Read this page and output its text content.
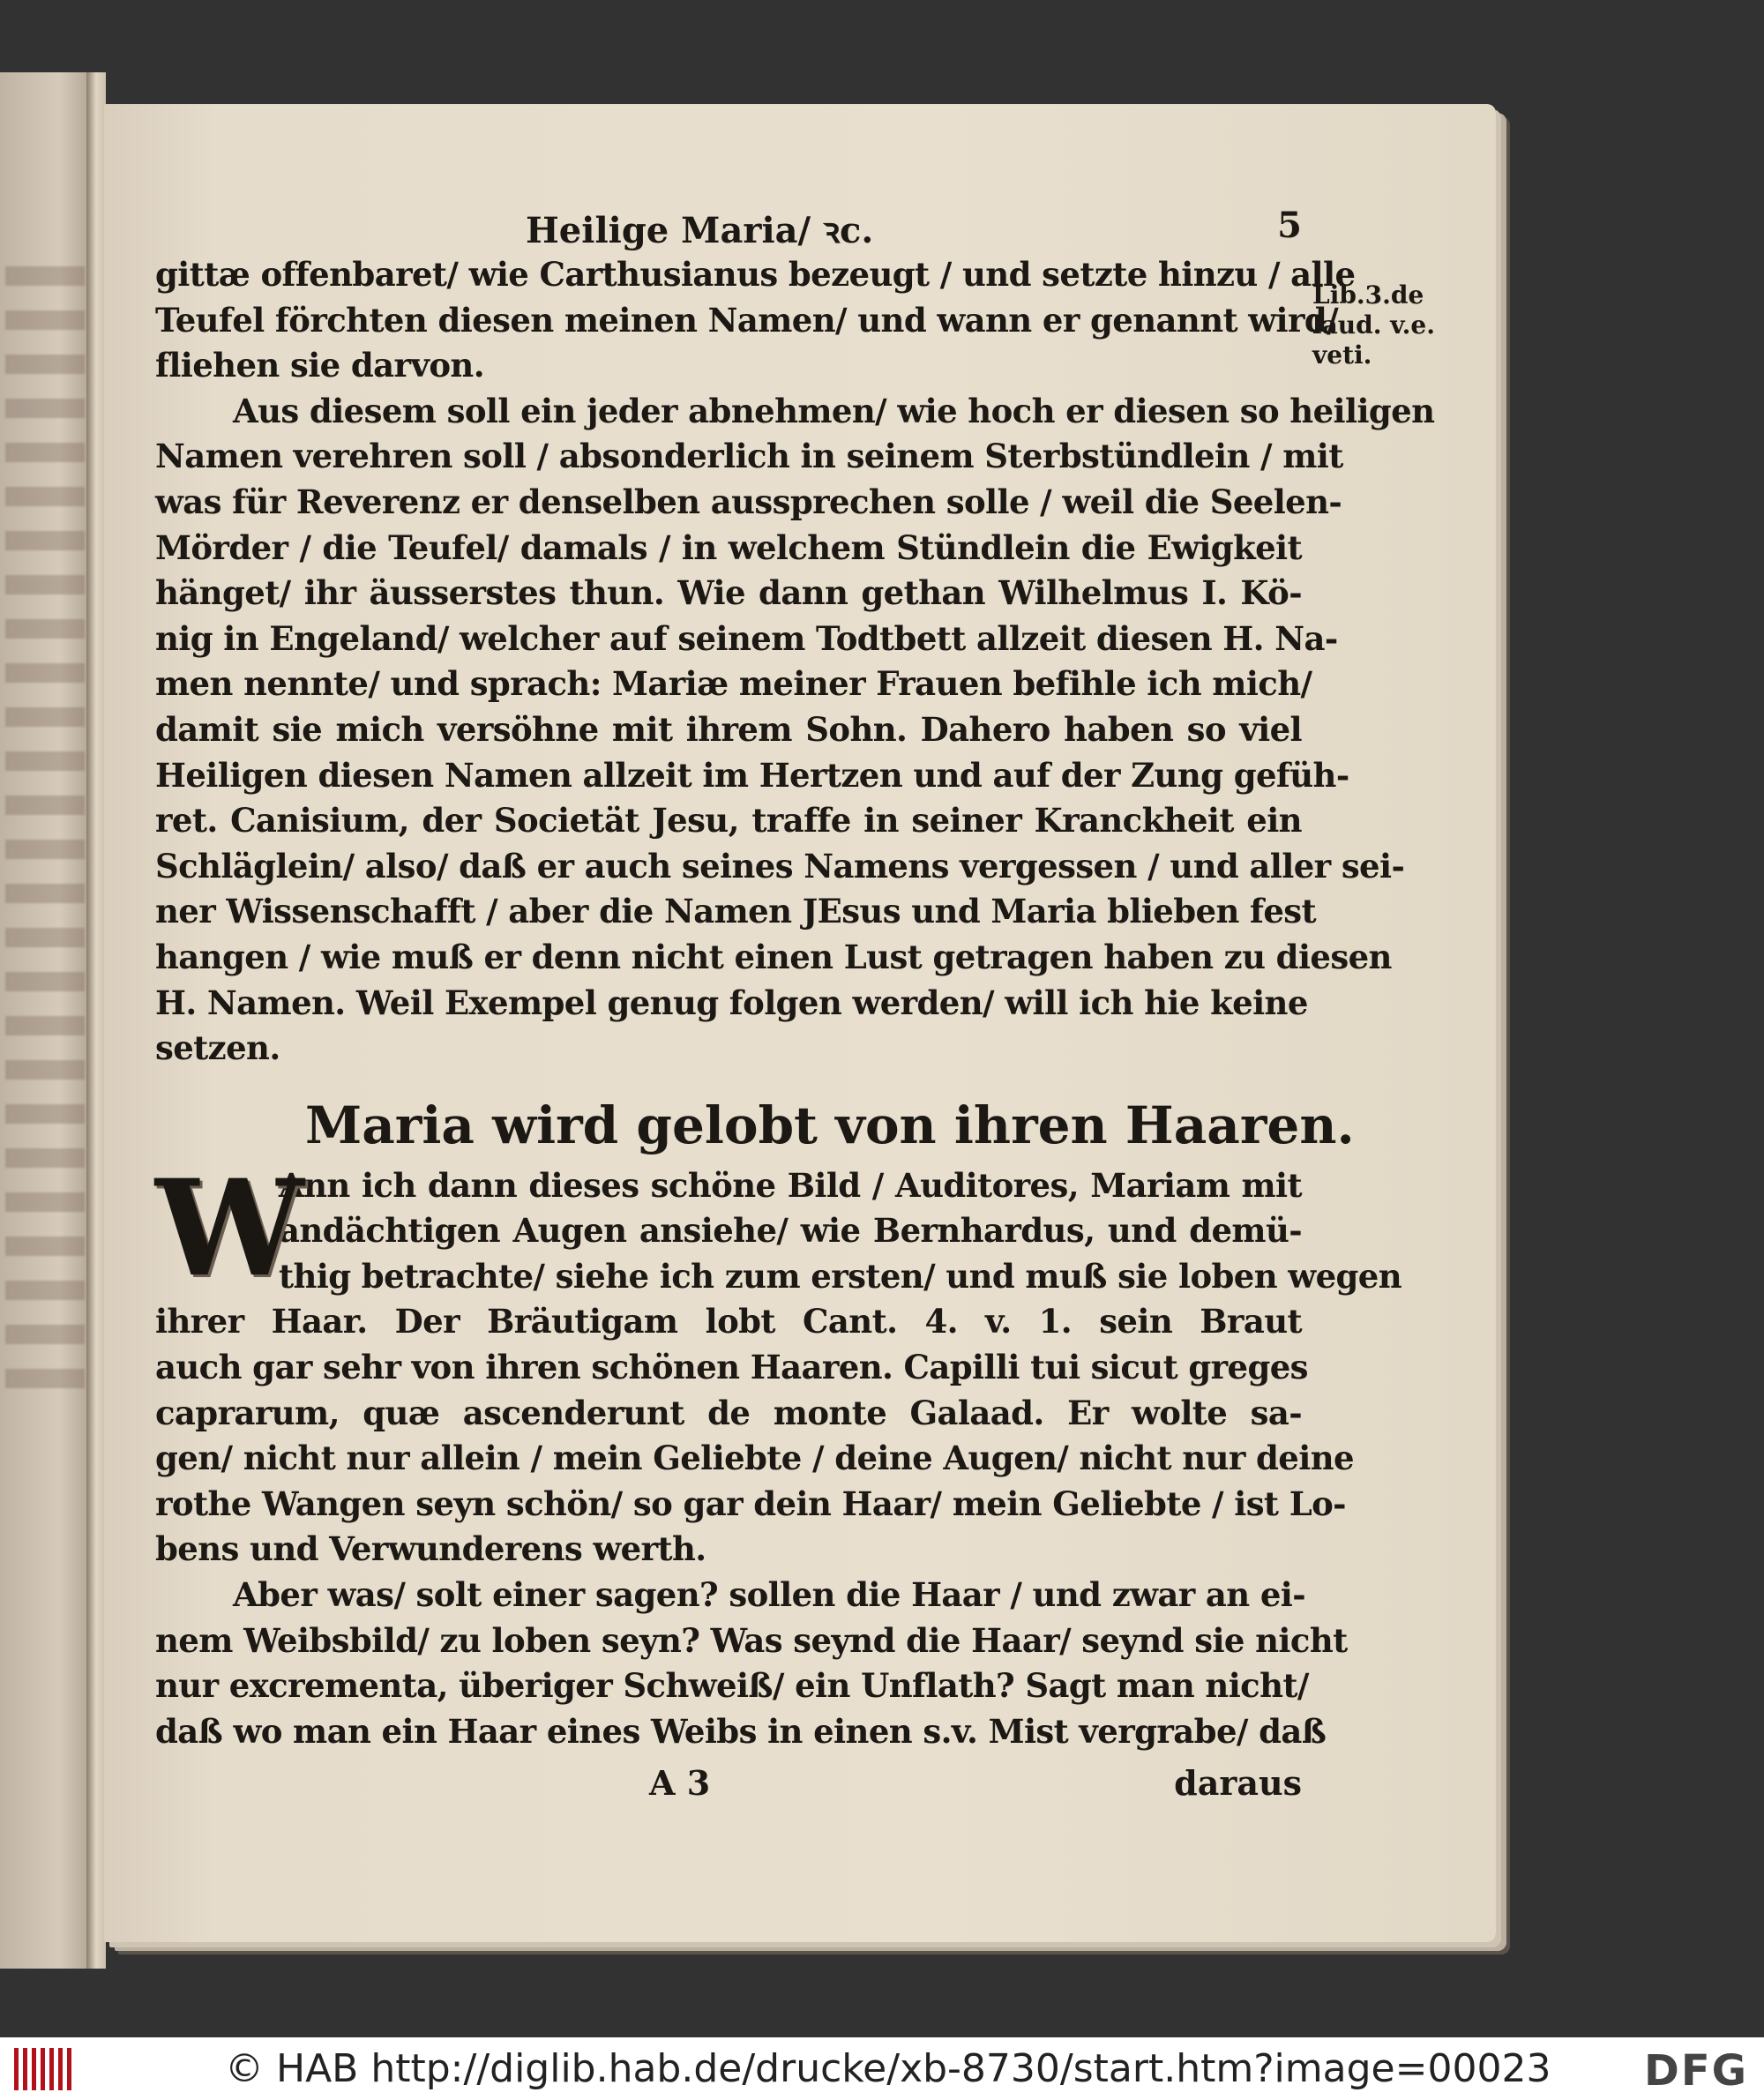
Heilige Maria/ ꝛc.	5
gittæ offenbaret/ wie Carthusianus bezeugt / und setzte hinzu / alle
Teufel förchten diesen meinen Namen/ und wann er genannt wird/
fliehen sie darvon.
Aus diesem soll ein jeder abnehmen/ wie hoch er diesen so heiligen
Namen verehren soll / absonderlich in seinem Sterbstündlein / mit
was für Reverenz er denselben aussprechen solle / weil die Seelen-
Mörder / die Teufel/ damals / in welchem Stündlein die Ewigkeit
hänget/ ihr äusserstes thun. Wie dann gethan Wilhelmus I. Kö-
nig in Engeland/ welcher auf seinem Todtbett allzeit diesen H. Na-
men nennte/ und sprach: Mariæ meiner Frauen befihle ich mich/
damit sie mich versöhne mit ihrem Sohn. Dahero haben so viel
Heiligen diesen Namen allzeit im Hertzen und auf der Zung gefüh-
ret. Canisium, der Societät Jesu, traffe in seiner Kranckheit ein
Schläglein/ also/ daß er auch seines Namens vergessen / und aller sei-
ner Wissenschafft / aber die Namen JEsus und Maria blieben fest
hangen / wie muß er denn nicht einen Lust getragen haben zu diesen
H. Namen. Weil Exempel genug folgen werden/ will ich hie keine
setzen.
Maria wird gelobt von ihren Haaren.
W
Ann ich dann dieses schöne Bild / Auditores, Mariam mit
andächtigen Augen ansiehe/ wie Bernhardus, und demü-
thig betrachte/ siehe ich zum ersten/ und muß sie loben wegen
ihrer Haar. Der Bräutigam lobt Cant. 4. v. 1. sein Braut
auch gar sehr von ihren schönen Haaren. Capilli tui sicut greges
caprarum, quæ ascenderunt de monte Galaad. Er wolte sa-
gen/ nicht nur allein / mein Geliebte / deine Augen/ nicht nur deine
rothe Wangen seyn schön/ so gar dein Haar/ mein Geliebte / ist Lo-
bens und Verwunderens werth.
Aber was/ solt einer sagen? sollen die Haar / und zwar an ei-
nem Weibsbild/ zu loben seyn? Was seynd die Haar/ seynd sie nicht
nur excrementa, überiger Schweiß/ ein Unflath? Sagt man nicht/
daß wo man ein Haar eines Weibs in einen s.v. Mist vergrabe/ daß
A 3	daraus
Lib.3.de
laud. v.e.
veti.
© HAB http://diglib.hab.de/drucke/xb-8730/start.htm?image=00023 DFG
